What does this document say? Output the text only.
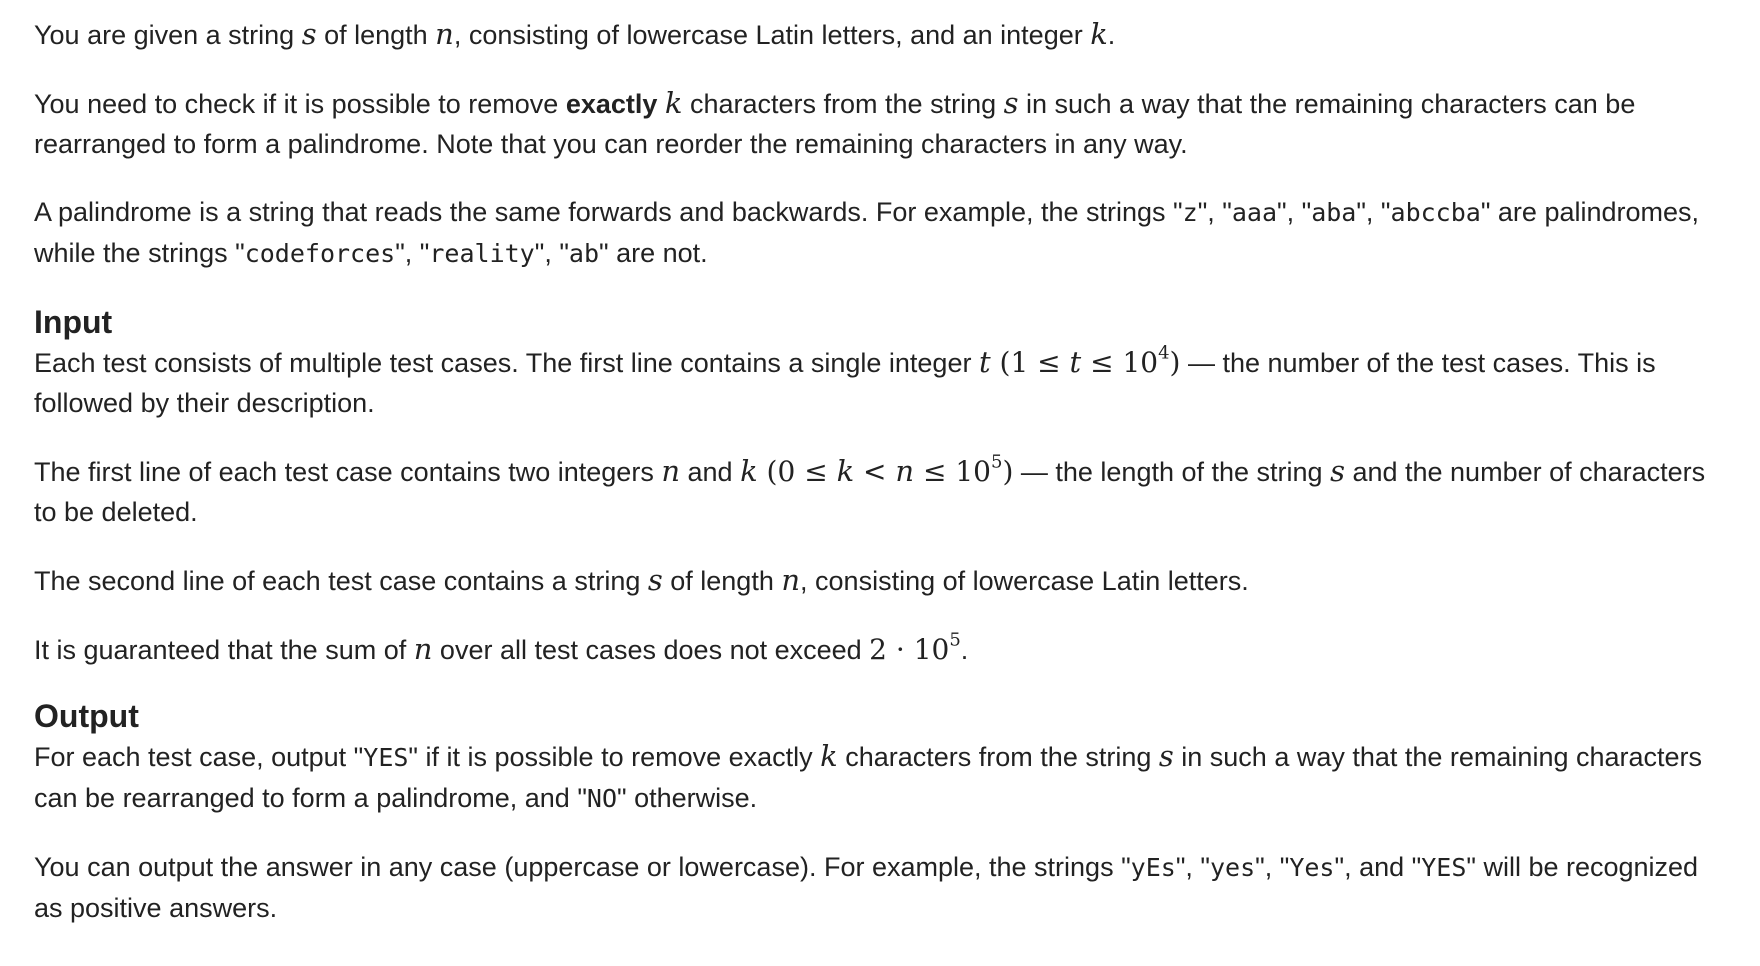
You are given a string s of length n, consisting of lowercase Latin letters, and an integer k.

You need to check if it is possible to remove exactly k characters from the string s in such a way that the remaining characters can be rearranged to form a palindrome. Note that you can reorder the remaining characters in any way.

A palindrome is a string that reads the same forwards and backwards. For example, the strings "z", "aaa", "aba", "abccba" are palindromes, while the strings "codeforces", "reality", "ab" are not.

Input

Each test consists of multiple test cases. The first line contains a single integer t $(1 \le t \le 10^4)$ — the number of the test cases. This is followed by their description.

The first line of each test case contains two integers n and k $(0 \le k < n \le 10^5)$ — the length of the string s and the number of characters to be deleted.

The second line of each test case contains a string s of length n, consisting of lowercase Latin letters.

It is guaranteed that the sum of n over all test cases does not exceed $2 \cdot 10^5$.

Output

For each test case, output "YES" if it is possible to remove exactly k characters from the string s in such a way that the remaining characters can be rearranged to form a palindrome, and "NO" otherwise.

You can output the answer in any case (uppercase or lowercase). For example, the strings "yEs", "yes", "Yes", and "YES" will be recognized as positive answers.
